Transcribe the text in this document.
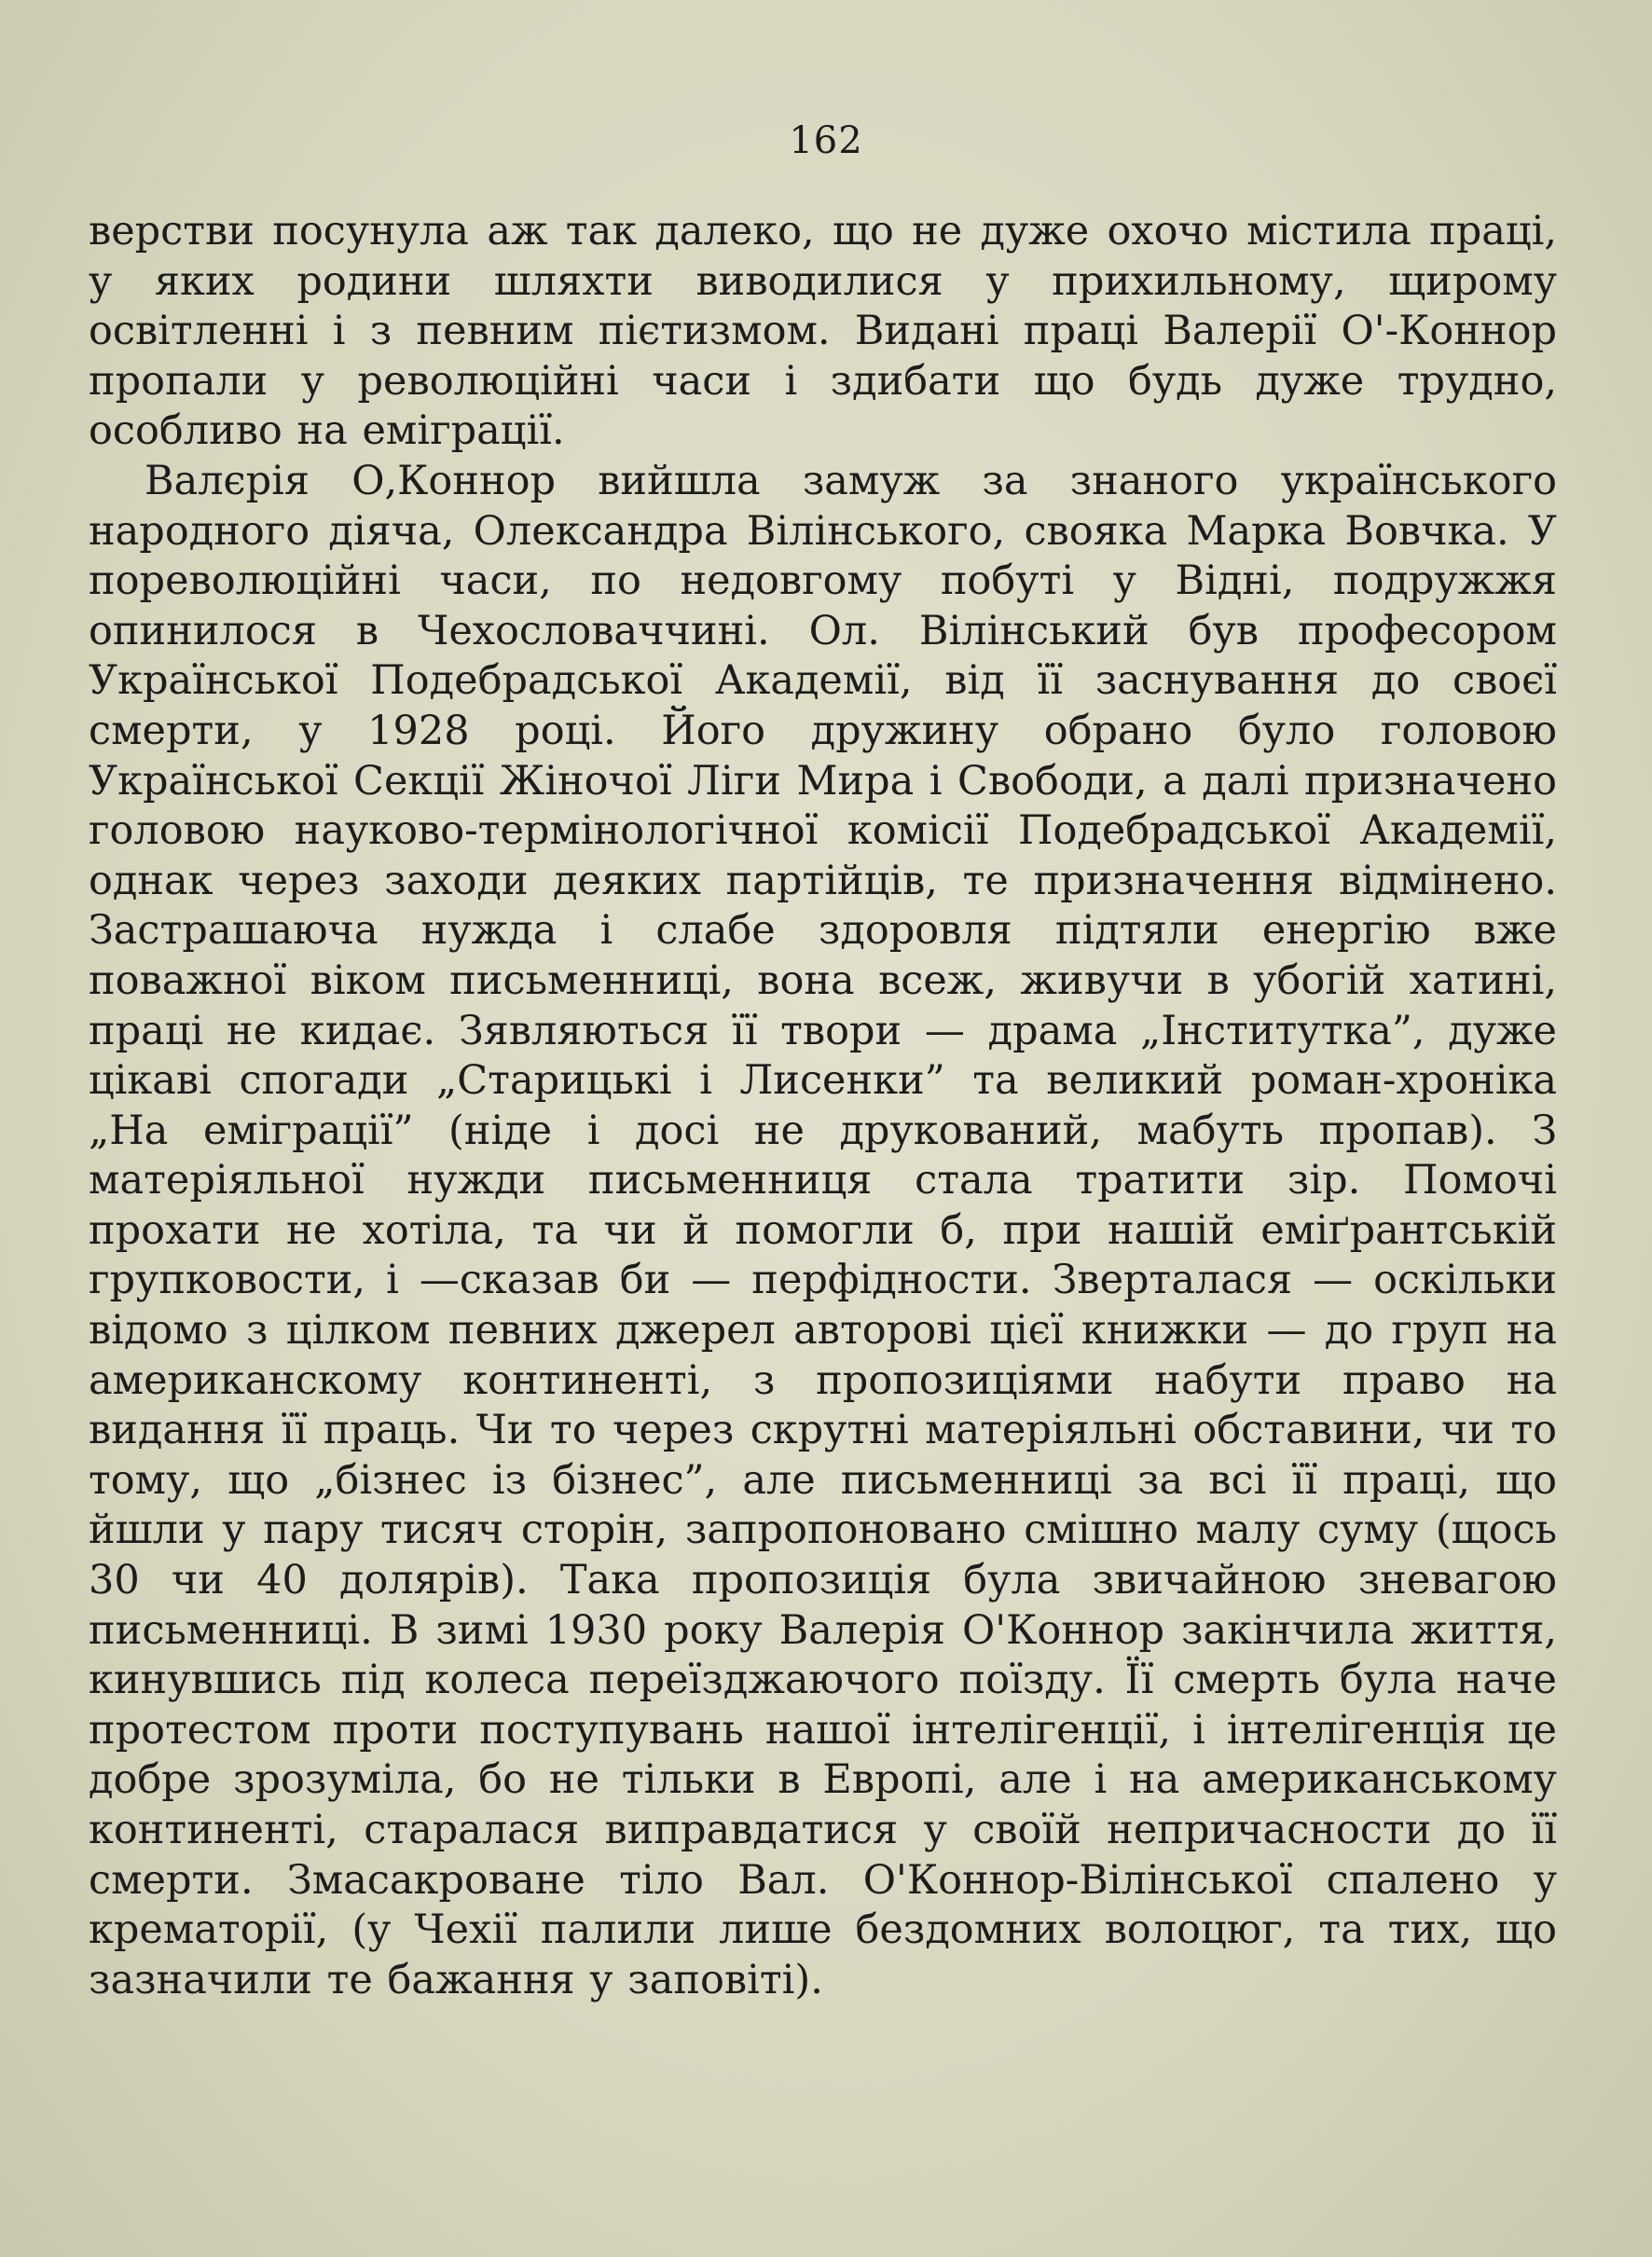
162

верстви посунула аж так далеко, що не дуже охочо містила праці, у яких родини шляхти виводилися у прихильному, щирому освітленні і з певним пієтизмом. Видані праці Валерії О'-Коннор пропали у революційні часи і здибати що будь дуже трудно, особливо на еміграції.

Валєрія О,Коннор вийшла замуж за знаного українського народного діяча, Олександра Вілінського, свояка Марка Вовчка. У пореволюційні часи, по недовгому побуті у Відні, подружжя опинилося в Чехословаччині. Ол. Вілінський був професором Української Подебрадської Академії, від її заснування до своєї смерти, у 1928 році. Його дружину обрано було головою Української Секції Жіночої Ліги Мира і Свободи, а далі призначено головою науково-термінологічної комісії Подебрадської Академії, однак через заходи деяких партійців, те призначення відмінено. Застрашаюча нужда і слабе здоровля підтяли енергію вже поважної віком письменниці, вона всеж, живучи в убогій хатині, праці не кидає. Зявляються її твори — драма „Інститутка”, дуже цікаві спогади „Старицькі і Лисенки” та великий роман-хроніка „На еміграції” (ніде і досі не друкований, мабуть пропав). З матеріяльної нужди письменниця стала тратити зір. Помочі прохати не хотіла, та чи й помогли б, при нашій еміґрантській групковости, і —сказав би — перфідности. Зверталася — оскільки відомо з цілком певних джерел авторові цієї книжки — до груп на американскому континенті, з пропозиціями набути право на видання її праць. Чи то через скрутні матеріяльні обставини, чи то тому, що „бізнес із бізнес”, але письменниці за всі її праці, що йшли у пару тисяч сторін, запропоновано смішно малу суму (щось 30 чи 40 долярів). Така пропозиція була звичайною зневагою письменниці. В зимі 1930 року Валерія О'Коннор закінчила життя, кинувшись під колеса переїзджаючого поїзду. Її смерть була наче протестом проти поступувань нашої інтелігенції, і інтелігенція це добре зрозуміла, бо не тільки в Европі, але і на американському континенті, старалася виправдатися у своїй непричасности до її смерти. Змасакроване тіло Вал. О'Коннор-Вілінської спалено у крематорії, (у Чехії палили лише бездомних волоцюг, та тих, що зазначили те бажання у заповіті).
